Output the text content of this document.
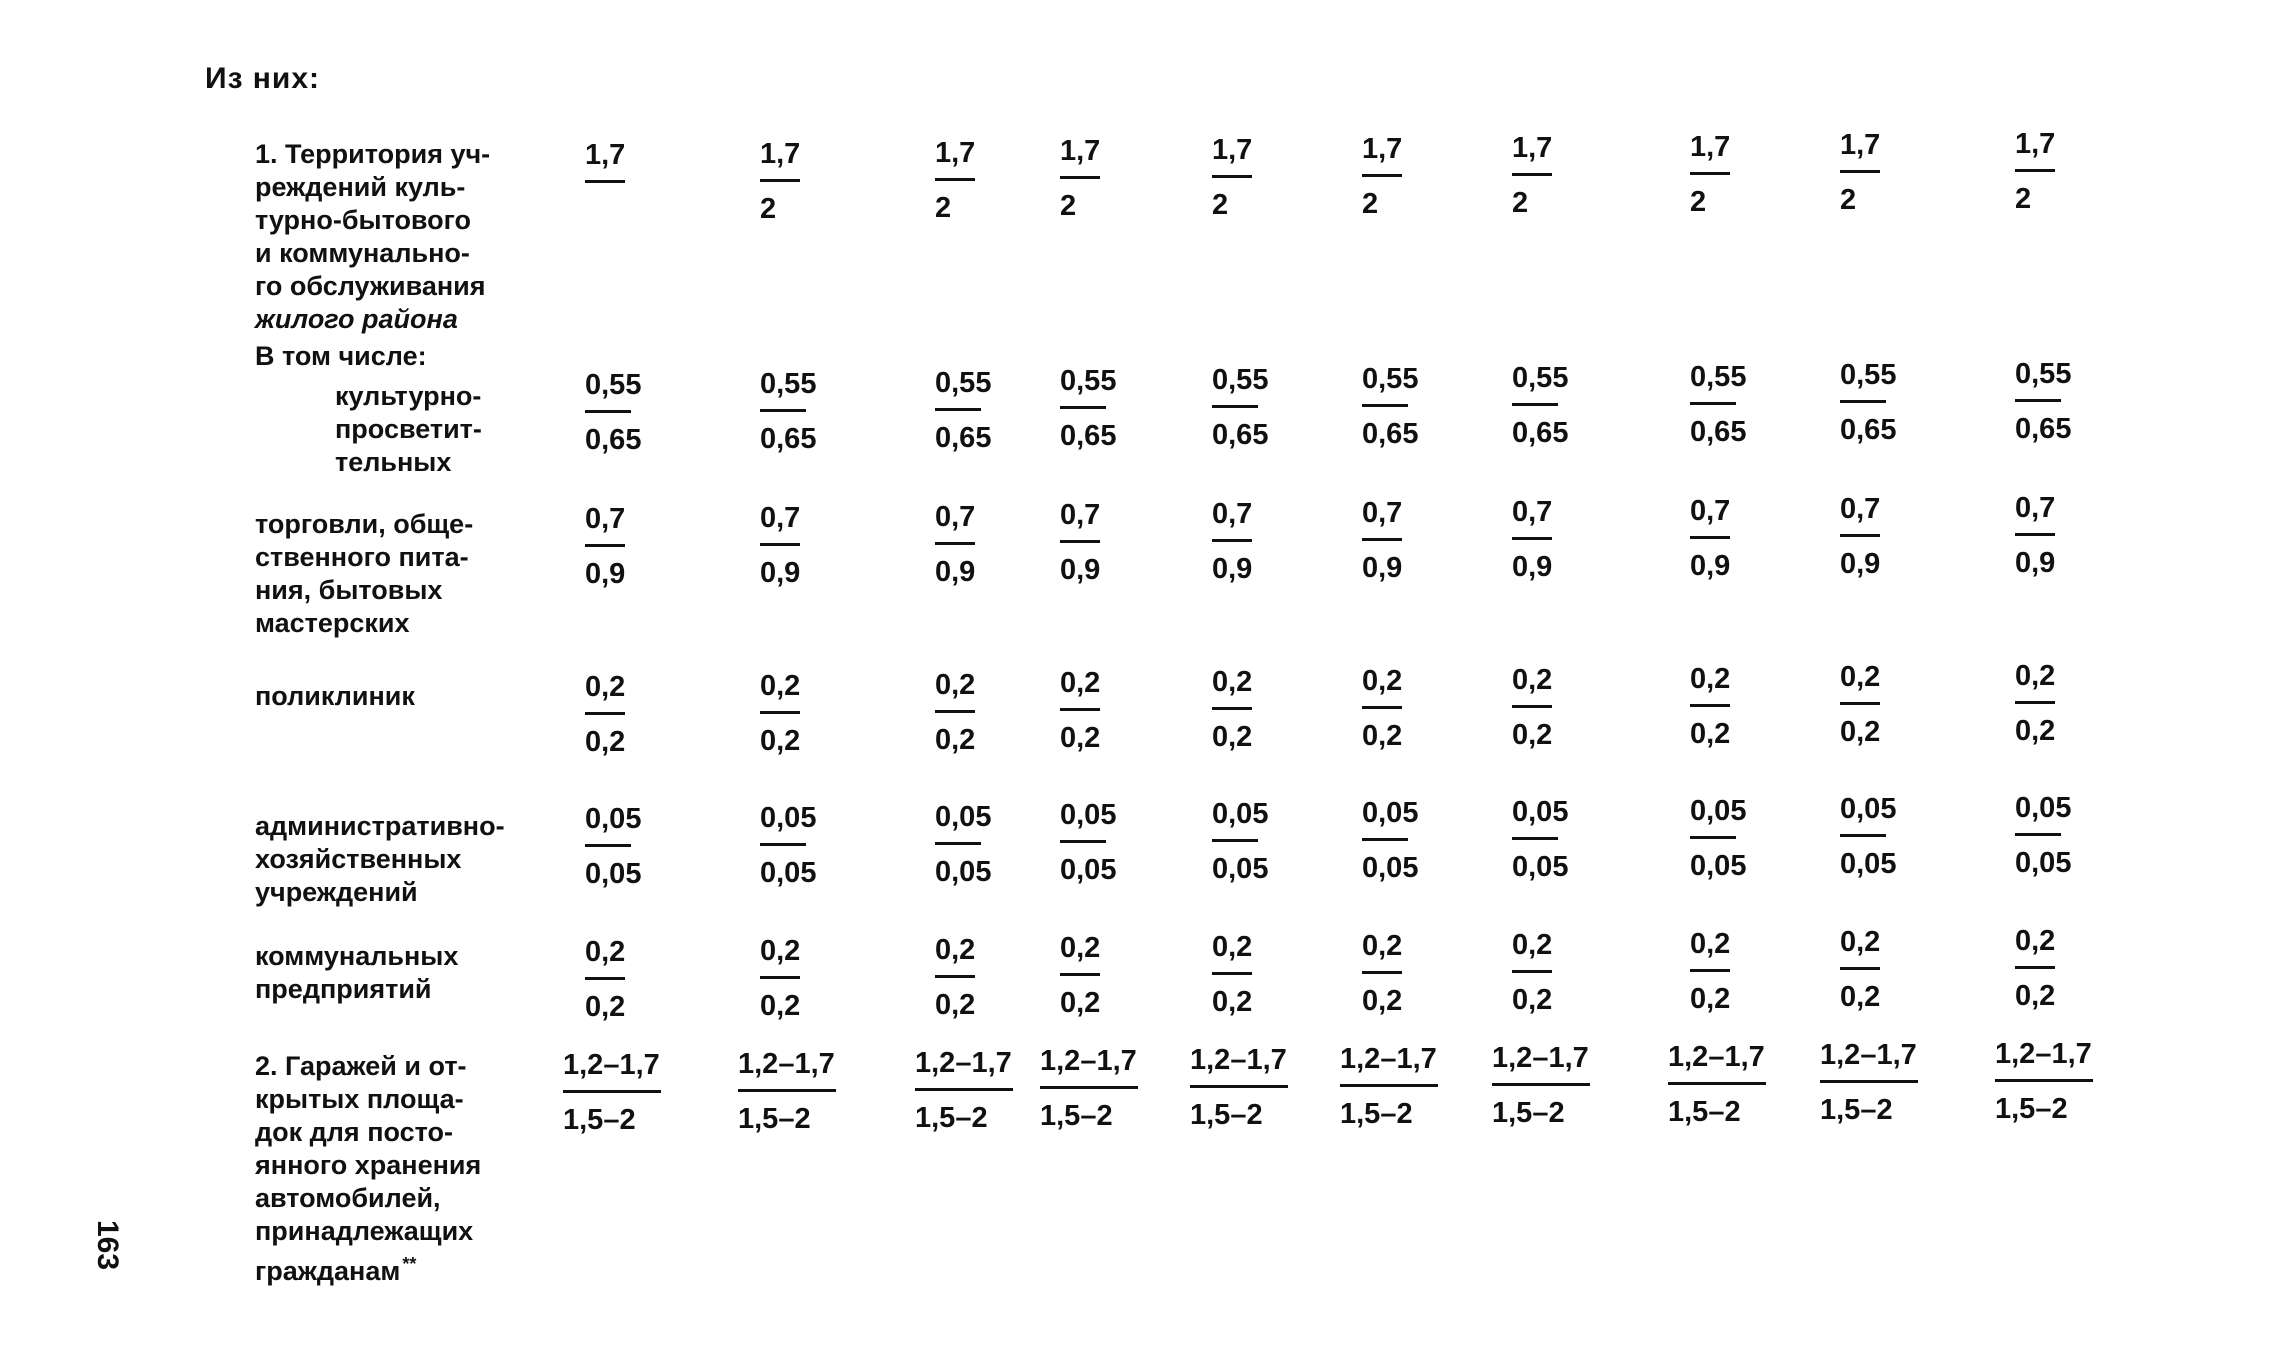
Из них:
1. Территория уч-
реждений куль-
турно-бытового
и коммунально-
го обслуживания
жилого района
1,7	1,7
2
1,7
2
1,7
2
1,7
2
1,7
2
1,7
2
1,7
2
1,7
2
1,7
2
В том числе:
культурно-
просветит-
тельных
0,55
0,65
0,55
0,65
0,55
0,65
0,55
0,65
0,55
0,65
0,55
0,65
0,55
0,65
0,55
0,65
0,55
0,65
0,55
0,65
торговли, обще-
ственного пита-
ния, бытовых
мастерских
0,7
0,9
0,7
0,9
0,7
0,9
0,7
0,9
0,7
0,9
0,7
0,9
0,7
0,9
0,7
0,9
0,7
0,9
0,7
0,9
поликлиник	0,2
0,2
0,2
0,2
0,2
0,2
0,2
0,2
0,2
0,2
0,2
0,2
0,2
0,2
0,2
0,2
0,2
0,2
0,2
0,2
административно-
хозяйственных
учреждений
0,05
0,05
0,05
0,05
0,05
0,05
0,05
0,05
0,05
0,05
0,05
0,05
0,05
0,05
0,05
0,05
0,05
0,05
0,05
0,05
коммунальных
предприятий
0,2
0,2
0,2
0,2
0,2
0,2
0,2
0,2
0,2
0,2
0,2
0,2
0,2
0,2
0,2
0,2
0,2
0,2
0,2
0,2
2. Гаражей и от-
крытых площа-
док для посто-
янного хранения
автомобилей,
принадлежащих
гражданам **
1,2–1,7
1,5–2
1,2–1,7
1,5–2
1,2–1,7
1,5–2
1,2–1,7
1,5–2
1,2–1,7
1,5–2
1,2–1,7
1,5–2
1,2–1,7
1,5–2
1,2–1,7
1,5–2
1,2–1,7
1,5–2
1,2–1,7
1,5–2
163
